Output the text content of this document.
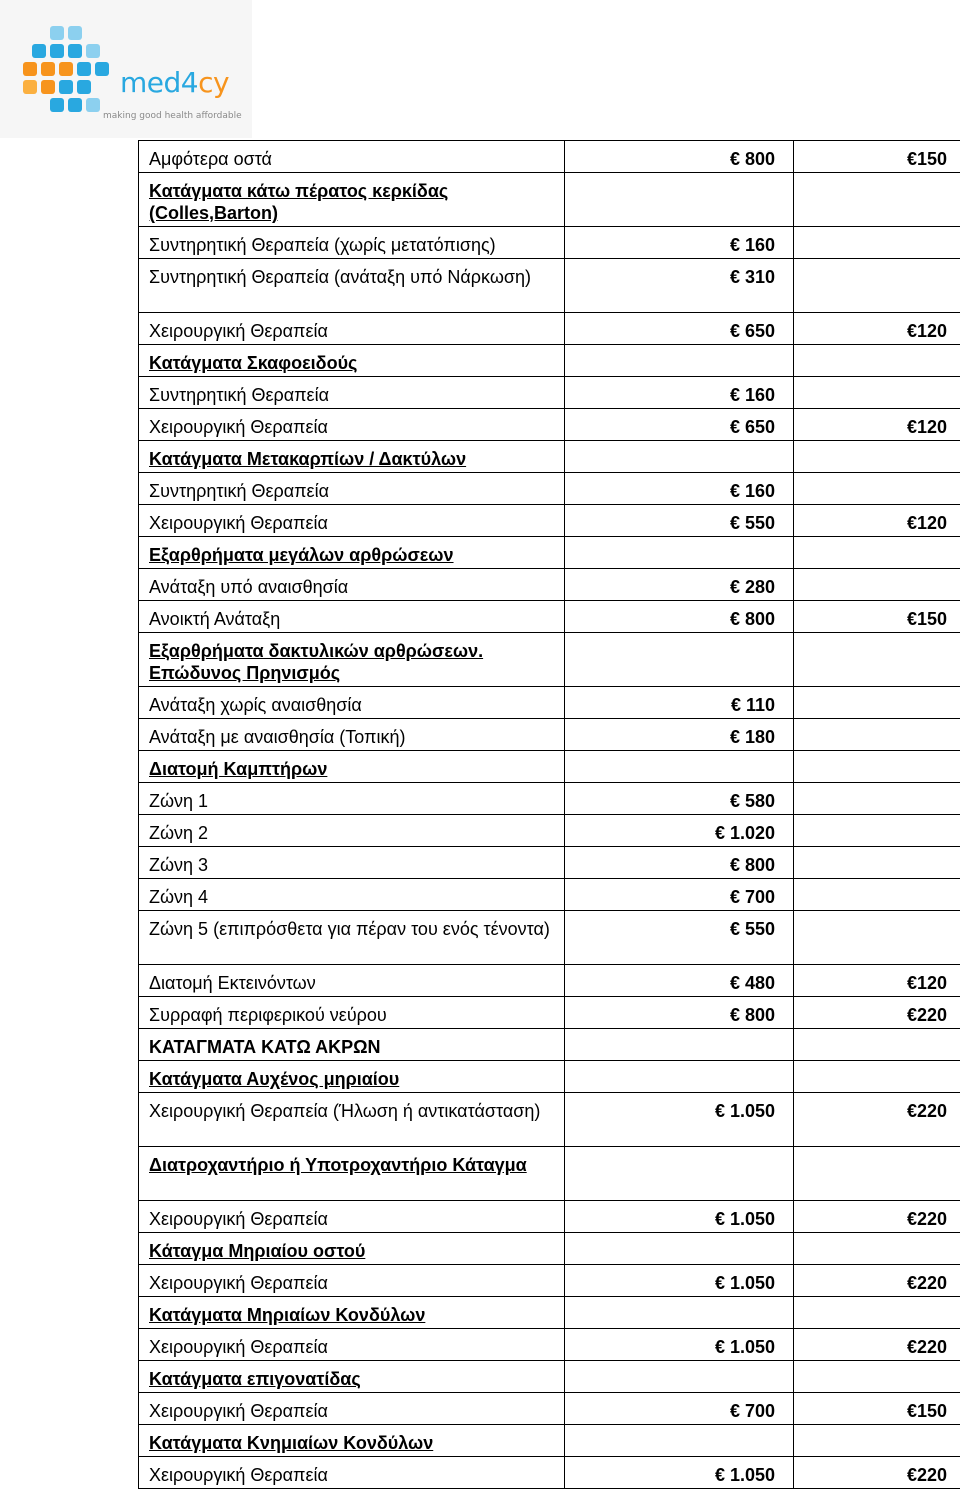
med4cy
making good health affordable
Αμφότερα οστά	€ 800	€150
Κατάγματα κάτω πέρατος κερκίδας (Colles,Barton)		
Συντηρητική Θεραπεία (χωρίς μετατόπισης)	€ 160	
Συντηρητική Θεραπεία (ανάταξη υπό Νάρκωση)	€ 310	
Χειρουργική Θεραπεία	€ 650	€120
Κατάγματα Σκαφοειδούς		
Συντηρητική Θεραπεία	€ 160	
Χειρουργική Θεραπεία	€ 650	€120
Κατάγματα Μετακαρπίων / Δακτύλων		
Συντηρητική Θεραπεία	€ 160	
Χειρουργική Θεραπεία	€ 550	€120
Εξαρθρήματα μεγάλων αρθρώσεων		
Ανάταξη υπό αναισθησία	€ 280	
Ανοικτή Ανάταξη	€ 800	€150
Εξαρθρήματα δακτυλικών αρθρώσεων. Επώδυνος Πρηνισμός		
Ανάταξη χωρίς αναισθησία	€ 110	
Ανάταξη με αναισθησία (Τοπική)	€ 180	
Διατομή Καμπτήρων		
Ζώνη 1	€ 580	
Ζώνη 2	€ 1.020	
Ζώνη 3	€ 800	
Ζώνη 4	€ 700	
Ζώνη 5 (επιπρόσθετα για πέραν του ενός τένοντα)	€ 550	
Διατομή Εκτεινόντων	€ 480	€120
Συρραφή περιφερικού νεύρου	€ 800	€220
ΚΑΤΑΓΜΑΤΑ ΚΑΤΩ ΑΚΡΩΝ		
Κατάγματα Αυχένος μηριαίου		
Χειρουργική Θεραπεία (Ήλωση ή αντικατάσταση)	€ 1.050	€220
Διατροχαντήριο ή Υποτροχαντήριο Κάταγμα		
Χειρουργική Θεραπεία	€ 1.050	€220
Κάταγμα Μηριαίου οστού		
Χειρουργική Θεραπεία	€ 1.050	€220
Κατάγματα Μηριαίων Κονδύλων		
Χειρουργική Θεραπεία	€ 1.050	€220
Κατάγματα επιγονατίδας		
Χειρουργική Θεραπεία	€ 700	€150
Κατάγματα Κνημιαίων Κονδύλων		
Χειρουργική Θεραπεία	€ 1.050	€220
